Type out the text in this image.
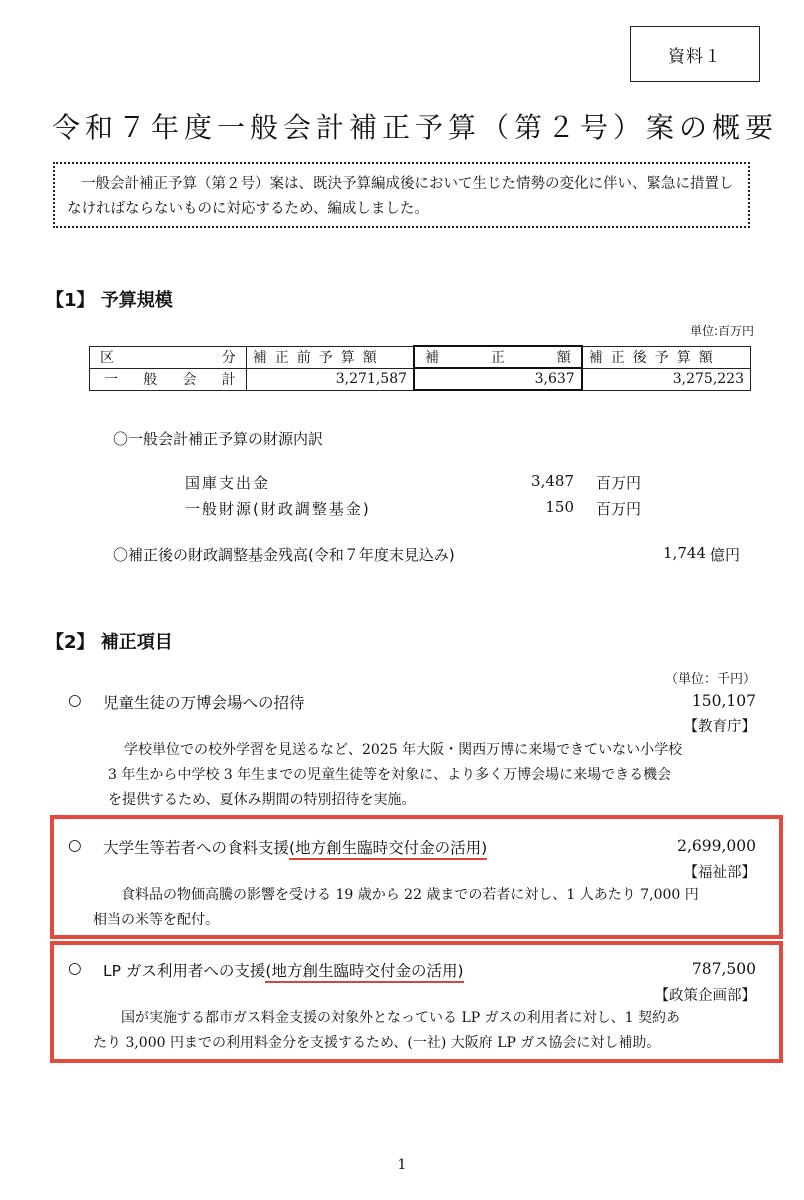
資料１
令和７年度一般会計補正予算（第２号）案の概要
一般会計補正予算（第２号）案は、既決予算編成後において生じた情勢の変化に伴い、緊急に措置し
なければならないものに対応するため、編成しました。
【1】 予算規模
単位:百万円
区 分	補正前予算額	補 正 額	補正後予算額

一 般 会 計	3,271,587	3,637	3,275,223
〇一般会計補正予算の財源内訳
国庫支出金	3,487 百万円
一般財源(財政調整基金)	150 百万円
〇補正後の財政調整基金残高(令和７年度末見込み)	1,744 億円
【2】 補正項目
（単位：千円）
○ 児童生徒の万博会場への招待	150,107
【教育庁】
学校単位での校外学習を見送るなど、2025 年大阪・関西万博に来場できていない小学校
3 年生から中学校 3 年生までの児童生徒等を対象に、より多く万博会場に来場できる機会
を提供するため、夏休み期間の特別招待を実施。
○ 大学生等若者への食料支援(地方創生臨時交付金の活用)	2,699,000
【福祉部】
食料品の物価高騰の影響を受ける 19 歳から 22 歳までの若者に対し、1 人あたり 7,000 円
相当の米等を配付。
○ LP ガス利用者への支援(地方創生臨時交付金の活用)	787,500
【政策企画部】
国が実施する都市ガス料金支援の対象外となっている LP ガスの利用者に対し、1 契約あ
たり 3,000 円までの利用料金分を支援するため、(一社) 大阪府 LP ガス協会に対し補助。
1
